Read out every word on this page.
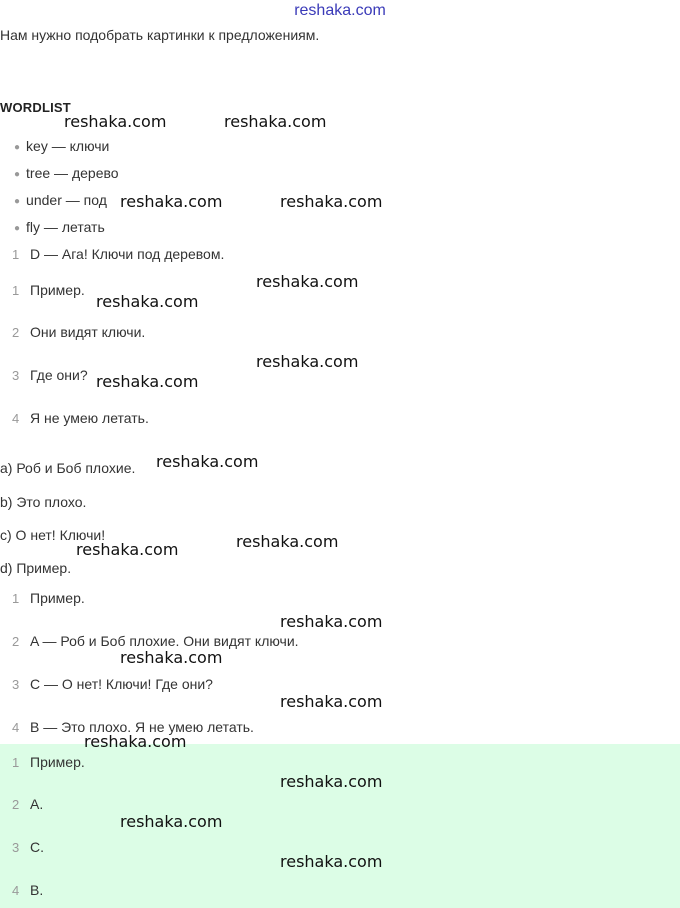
reshaka.com
Нам нужно подобрать картинки к предложениям.
WORDLIST
● key — ключи
● tree — дерево
● under — под
● fly — летать
1 D — Ага! Ключи под деревом.
1 Пример.
2 Они видят ключи.
3 Где они?
4 Я не умею летать.
a) Роб и Боб плохие.
b) Это плохо.
c) О нет! Ключи!
d) Пример.
1 Пример.
2 A — Роб и Боб плохие. Они видят ключи.
3 C — О нет! Ключи! Где они?
4 B — Это плохо. Я не умею летать.
1 Пример.
2 A.
3 C.
4 B.
reshaka.com	reshaka.com
reshaka.com	reshaka.com
reshaka.com
reshaka.com
reshaka.com
reshaka.com
reshaka.com
reshaka.com
reshaka.com
reshaka.com
reshaka.com
reshaka.com
reshaka.com
reshaka.com
reshaka.com
reshaka.com
